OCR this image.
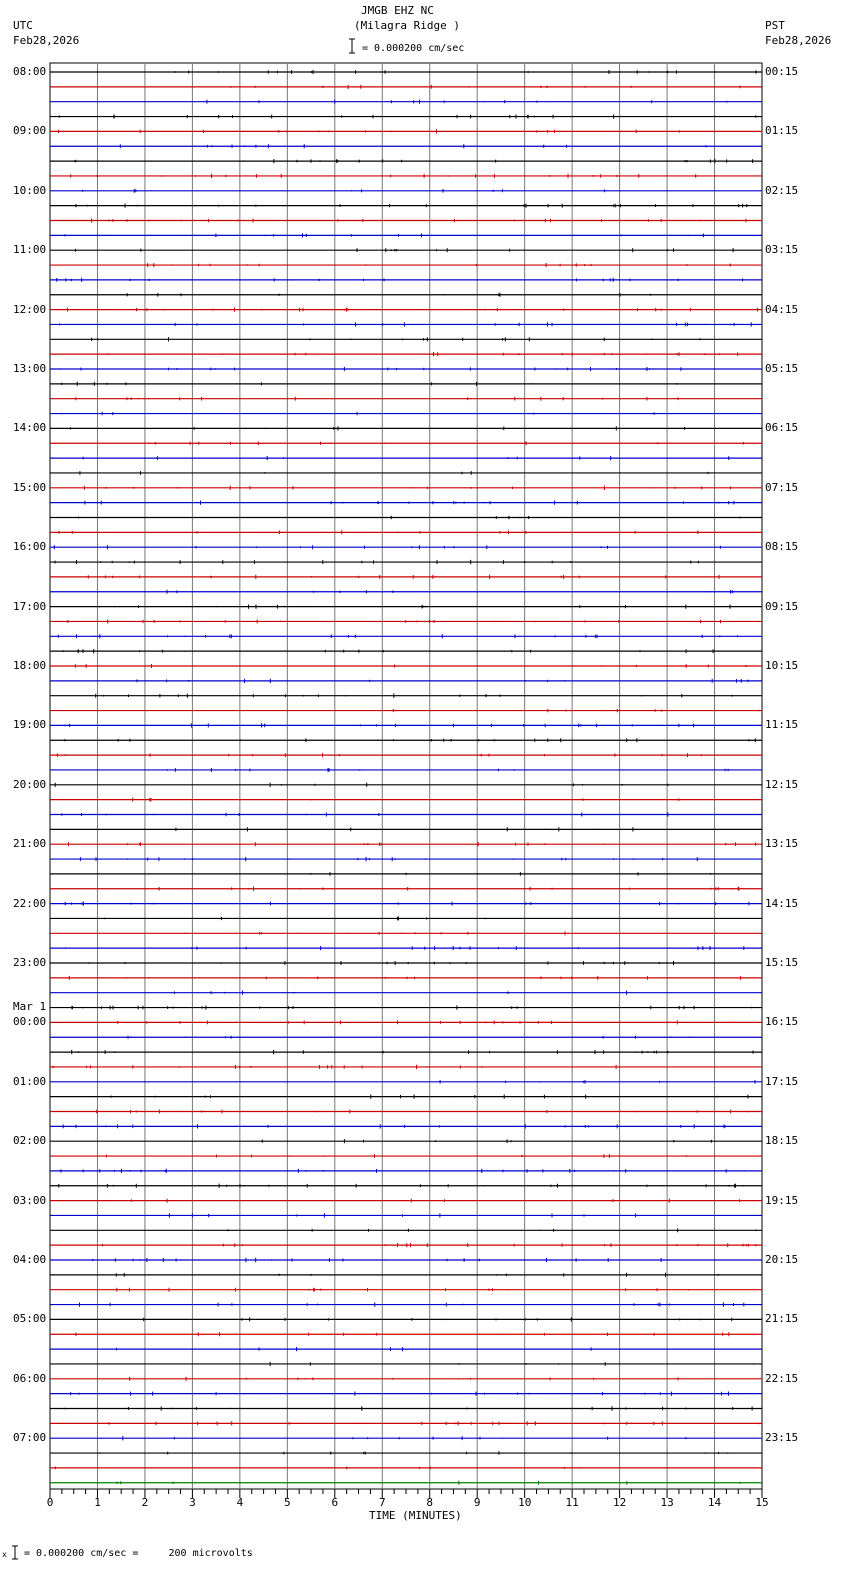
JMGB EHZ NC
(Milagra Ridge )
UTC
Feb28,2026
PST
Feb28,2026
= 0.000200 cm/sec
TIME (MINUTES)
x = 0.000200 cm/sec =     200 microvolts
08:00
09:00
10:00
11:00
12:00
13:00
14:00
15:00
16:00
17:00
18:00
19:00
20:00
21:00
22:00
23:00
00:00
Mar 1
01:00
02:00
03:00
04:00
05:00
06:00
07:00
00:15
01:15
02:15
03:15
04:15
05:15
06:15
07:15
08:15
09:15
10:15
11:15
12:15
13:15
14:15
15:15
16:15
17:15
18:15
19:15
20:15
21:15
22:15
23:15
0	1	2	3	4	5	6	7	8	9	10	11	12	13	14	15
